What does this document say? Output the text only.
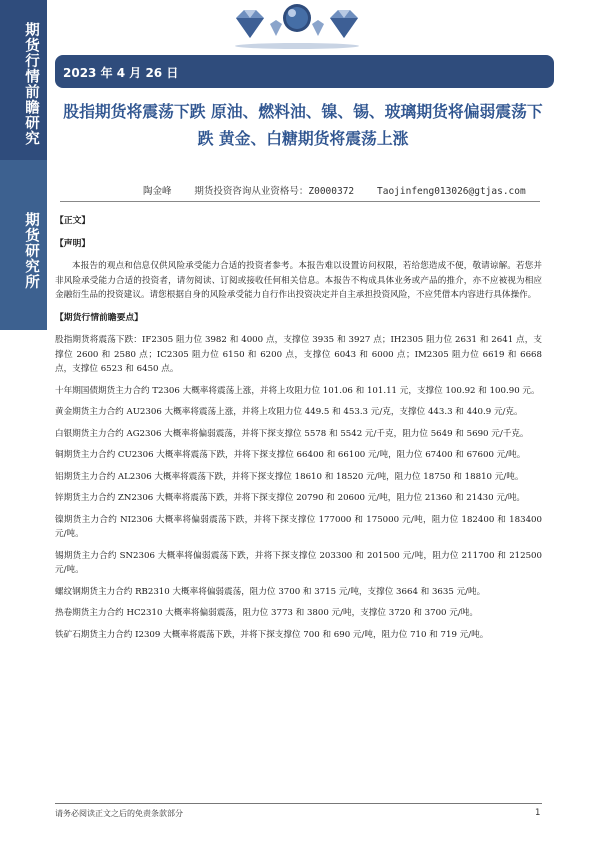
期货行情前瞻研究
期货研究所
2023 年 4 月 26 日
股指期货将震荡下跌 原油、燃料油、镍、锡、玻璃期货将偏弱震荡下跌 黄金、白糖期货将震荡上涨
陶金峰    期货投资咨询从业资格号：Z0000372    Taojinfeng013026@gtjas.com
【正文】
【声明】
本报告的观点和信息仅供风险承受能力合适的投资者参考。本报告难以设置访问权限，若给您造成不便，敬请谅解。若您并非风险承受能力合适的投资者，请勿阅读、订阅或接收任何相关信息。本报告不构成具体业务或产品的推介，亦不应被视为相应金融衍生品的投资建议。请您根据自身的风险承受能力自行作出投资决定并自主承担投资风险，不应凭借本内容进行具体操作。
【期货行情前瞻要点】
股指期货将震荡下跌：IF2305 阻力位 3982 和 4000 点，支撑位 3935 和 3927 点；IH2305 阻力位 2631 和 2641 点，支撑位 2600 和 2580 点；IC2305 阻力位 6150 和 6200 点，支撑位 6043 和 6000 点；IM2305 阻力位 6619 和 6668 点，支撑位 6523 和 6450 点。
十年期国债期货主力合约 T2306 大概率将震荡上涨，并将上攻阻力位 101.06 和 101.11 元，支撑位 100.92 和 100.90 元。
黄金期货主力合约 AU2306 大概率将震荡上涨，并将上攻阻力位 449.5 和 453.3 元/克，支撑位 443.3 和 440.9 元/克。
白银期货主力合约 AG2306 大概率将偏弱震荡，并将下探支撑位 5578 和 5542 元/千克，阻力位 5649 和 5690 元/千克。
铜期货主力合约 CU2306 大概率将震荡下跌，并将下探支撑位 66400 和 66100 元/吨，阻力位 67400 和 67600 元/吨。
铝期货主力合约 AL2306 大概率将震荡下跌，并将下探支撑位 18610 和 18520 元/吨，阻力位 18750 和 18810 元/吨。
锌期货主力合约 ZN2306 大概率将震荡下跌，并将下探支撑位 20790 和 20600 元/吨，阻力位 21360 和 21430 元/吨。
镍期货主力合约 NI2306 大概率将偏弱震荡下跌，并将下探支撑位 177000 和 175000 元/吨，阻力位 182400 和 183400 元/吨。
锡期货主力合约 SN2306 大概率将偏弱震荡下跌，并将下探支撑位 203300 和 201500 元/吨，阻力位 211700 和 212500 元/吨。
螺纹钢期货主力合约 RB2310 大概率将偏弱震荡，阻力位 3700 和 3715 元/吨，支撑位 3664 和 3635 元/吨。
热卷期货主力合约 HC2310 大概率将偏弱震荡，阻力位 3773 和 3800 元/吨，支撑位 3720 和 3700 元/吨。
铁矿石期货主力合约 I2309 大概率将震荡下跌，并将下探支撑位 700 和 690 元/吨，阻力位 710 和 719 元/吨。
请务必阅读正文之后的免责条款部分	1
